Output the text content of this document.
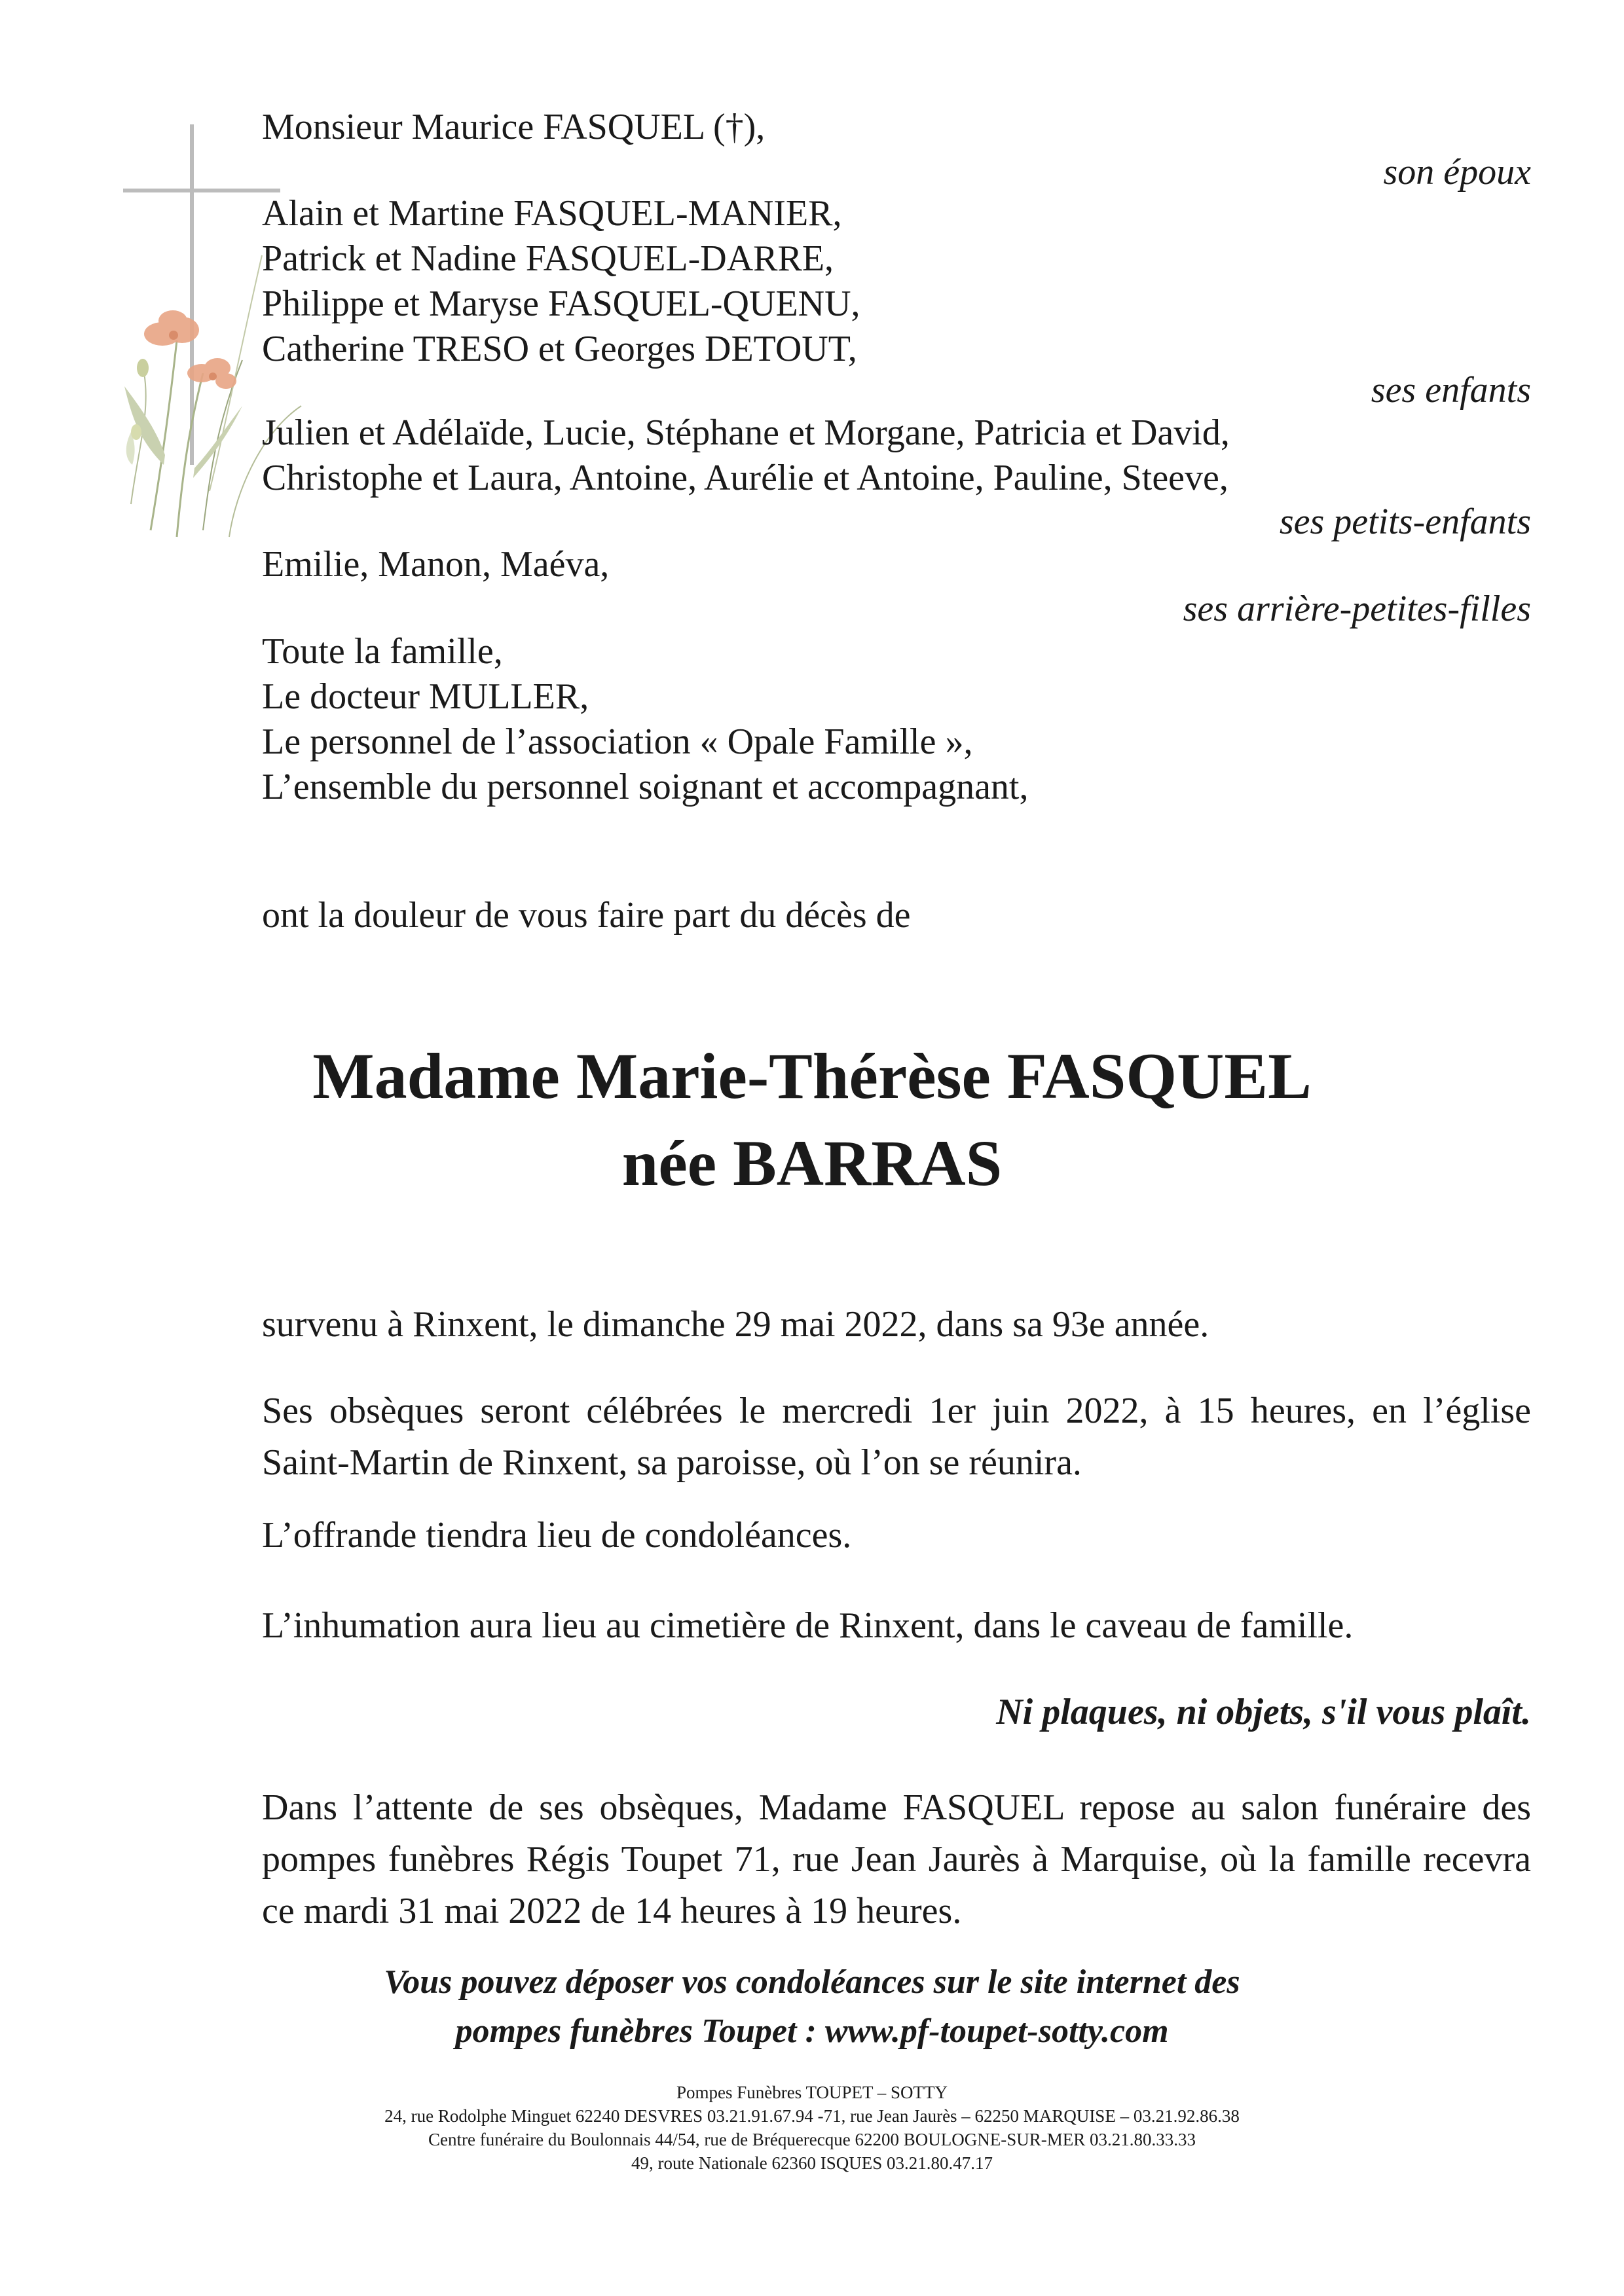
Monsieur Maurice FASQUEL (†),
son époux
Alain et Martine FASQUEL-MANIER,
Patrick et Nadine FASQUEL-DARRE,
Philippe et Maryse FASQUEL-QUENU,
Catherine TRESO et Georges DETOUT,
ses enfants
Julien et Adélaïde, Lucie, Stéphane et Morgane, Patricia et David,
Christophe et Laura, Antoine, Aurélie et Antoine, Pauline, Steeve,
ses petits-enfants
Emilie, Manon, Maéva,
ses arrière-petites-filles
Toute la famille,
Le docteur MULLER,
Le personnel de l’association « Opale Famille »,
L’ensemble du personnel soignant et accompagnant,
ont la douleur de vous faire part du décès de
Madame Marie-Thérèse FASQUEL
née BARRAS
survenu à Rinxent, le dimanche 29 mai 2022, dans sa 93e année.
Ses obsèques seront célébrées le mercredi 1er juin 2022, à 15 heures, en l’église Saint-Martin de Rinxent, sa paroisse, où l’on se réunira.
L’offrande tiendra lieu de condoléances.
L’inhumation aura lieu au cimetière de Rinxent, dans le caveau de famille.
Ni plaques, ni objets, s'il vous plaît.
Dans l’attente de ses obsèques, Madame FASQUEL repose au salon funéraire des pompes funèbres Régis Toupet 71, rue Jean Jaurès à Marquise, où la famille recevra ce mardi 31 mai 2022 de 14 heures à 19 heures.
Vous pouvez déposer vos condoléances sur le site internet des
pompes funèbres Toupet : www.pf-toupet-sotty.com
Pompes Funèbres TOUPET – SOTTY
24, rue Rodolphe Minguet 62240 DESVRES 03.21.91.67.94 -71, rue Jean Jaurès – 62250 MARQUISE – 03.21.92.86.38
Centre funéraire du Boulonnais 44/54, rue de Bréquerecque 62200 BOULOGNE-SUR-MER 03.21.80.33.33
49, route Nationale 62360 ISQUES 03.21.80.47.17
